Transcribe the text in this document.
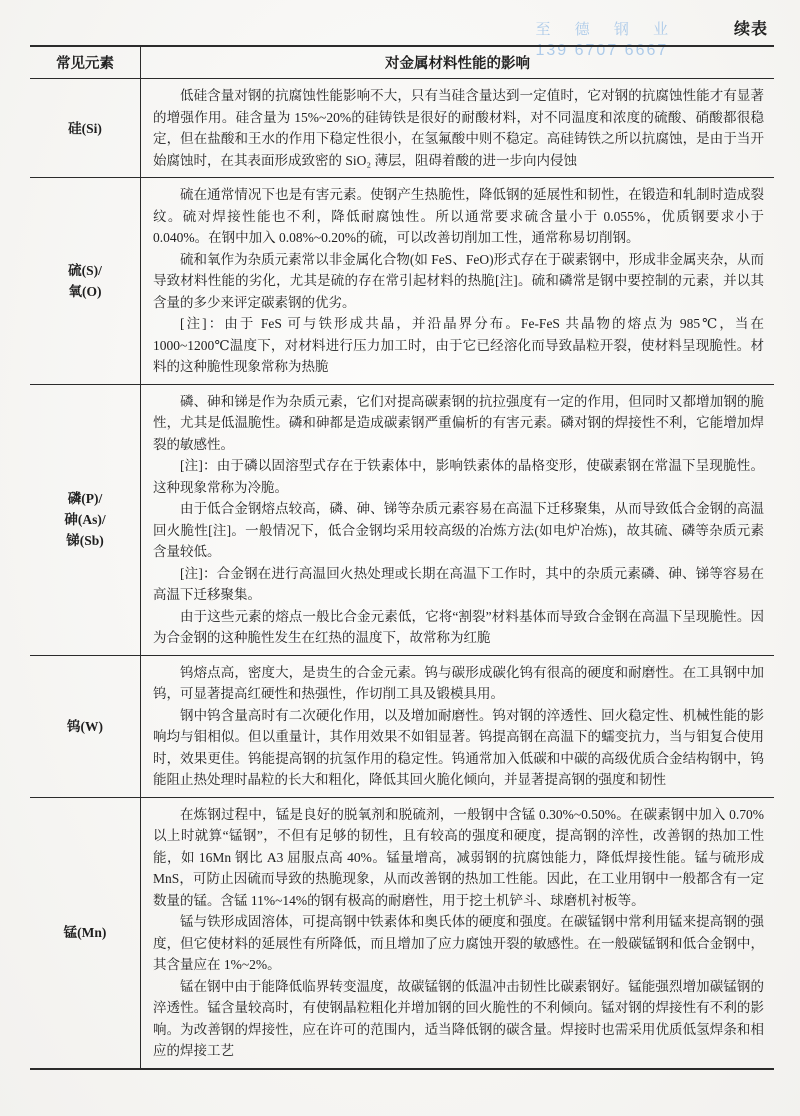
至 德 钢 业
139 6707 6667
续表
常见元素	对金属材料性能的影响
硅(Si)

低硅含量对钢的抗腐蚀性能影响不大，只有当硅含量达到一定值时，它对钢的抗腐蚀性能才有显著的增强作用。硅含量为 15%~20%的硅铸铁是很好的耐酸材料，对不同温度和浓度的硫酸、硝酸都很稳定，但在盐酸和王水的作用下稳定性很小，在氢氟酸中则不稳定。高硅铸铁之所以抗腐蚀，是由于当开始腐蚀时，在其表面形成致密的 SiO₂ 薄层，阻碍着酸的进一步向内侵蚀

硫(S)/
氧(O)

硫在通常情况下也是有害元素。使钢产生热脆性，降低钢的延展性和韧性，在锻造和轧制时造成裂纹。硫对焊接性能也不利，降低耐腐蚀性。所以通常要求硫含量小于 0.055%，优质钢要求小于 0.040%。在钢中加入 0.08%~0.20%的硫，可以改善切削加工性，通常称易切削钢。

硫和氧作为杂质元素常以非金属化合物(如 FeS、FeO)形式存在于碳素钢中，形成非金属夹杂，从而导致材料性能的劣化，尤其是硫的存在常引起材料的热脆[注]。硫和磷常是钢中要控制的元素，并以其含量的多少来评定碳素钢的优劣。

[注]：由于 FeS 可与铁形成共晶，并沿晶界分布。Fe-FeS 共晶物的熔点为 985℃，当在 1000~1200℃温度下，对材料进行压力加工时，由于它已经溶化而导致晶粒开裂，使材料呈现脆性。材料的这种脆性现象常称为热脆

磷(P)/
砷(As)/
锑(Sb)

磷、砷和锑是作为杂质元素，它们对提高碳素钢的抗拉强度有一定的作用，但同时又都增加钢的脆性，尤其是低温脆性。磷和砷都是造成碳素钢严重偏析的有害元素。磷对钢的焊接性不利，它能增加焊裂的敏感性。

[注]：由于磷以固溶型式存在于铁素体中，影响铁素体的晶格变形，使碳素钢在常温下呈现脆性。这种现象常称为冷脆。

由于低合金钢熔点较高，磷、砷、锑等杂质元素容易在高温下迁移聚集，从而导致低合金钢的高温回火脆性[注]。一般情况下，低合金钢均采用较高级的冶炼方法(如电炉冶炼)，故其硫、磷等杂质元素含量较低。

[注]：合金钢在进行高温回火热处理或长期在高温下工作时，其中的杂质元素磷、砷、锑等容易在高温下迁移聚集。

由于这些元素的熔点一般比合金元素低，它将“割裂”材料基体而导致合金钢在高温下呈现脆性。因为合金钢的这种脆性发生在红热的温度下，故常称为红脆

钨(W)

钨熔点高，密度大，是贵生的合金元素。钨与碳形成碳化钨有很高的硬度和耐磨性。在工具钢中加钨，可显著提高红硬性和热强性，作切削工具及锻模具用。

钢中钨含量高时有二次硬化作用，以及增加耐磨性。钨对钢的淬透性、回火稳定性、机械性能的影响均与钼相似。但以重量计，其作用效果不如钼显著。钨提高钢在高温下的蠕变抗力，当与钼复合使用时，效果更佳。钨能提高钢的抗氢作用的稳定性。钨通常加入低碳和中碳的高级优质合金结构钢中，钨能阻止热处理时晶粒的长大和粗化，降低其回火脆化倾向，并显著提高钢的强度和韧性

锰(Mn)

在炼钢过程中，锰是良好的脱氧剂和脱硫剂，一般钢中含锰 0.30%~0.50%。在碳素钢中加入 0.70%以上时就算“锰钢”，不但有足够的韧性，且有较高的强度和硬度，提高钢的淬性，改善钢的热加工性能，如 16Mn 钢比 A3 屈服点高 40%。锰量增高，减弱钢的抗腐蚀能力，降低焊接性能。锰与硫形成 MnS，可防止因硫而导致的热脆现象，从而改善钢的热加工性能。因此，在工业用钢中一般都含有一定数量的锰。含锰 11%~14%的钢有极高的耐磨性，用于挖土机铲斗、球磨机衬板等。

锰与铁形成固溶体，可提高钢中铁素体和奥氏体的硬度和强度。在碳锰钢中常利用锰来提高钢的强度，但它使材料的延展性有所降低，而且增加了应力腐蚀开裂的敏感性。在一般碳锰钢和低合金钢中，其含量应在 1%~2%。

锰在钢中由于能降低临界转变温度，故碳锰钢的低温冲击韧性比碳素钢好。锰能强烈增加碳锰钢的淬透性。锰含量较高时，有使钢晶粒粗化并增加钢的回火脆性的不利倾向。锰对钢的焊接性有不利的影响。为改善钢的焊接性，应在许可的范围内，适当降低钢的碳含量。焊接时也需采用优质低氢焊条和相应的焊接工艺
